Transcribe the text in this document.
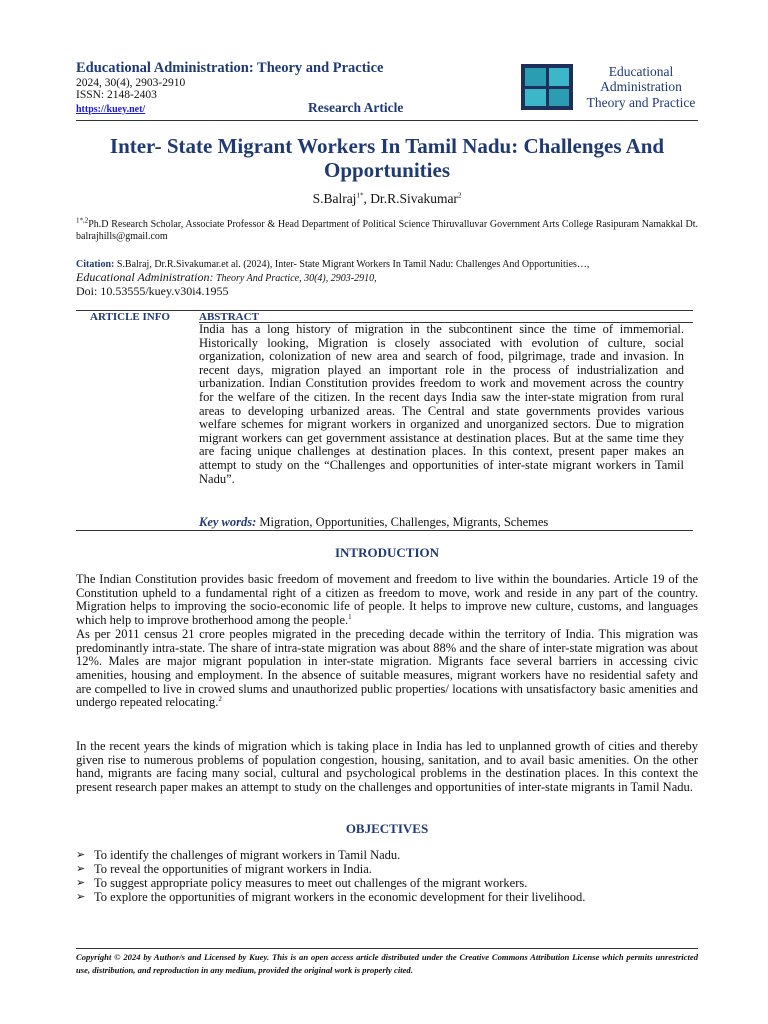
Educational Administration: Theory and Practice
2024, 30(4), 2903-2910
ISSN: 2148-2403
https://kuey.net/	Research Article
Educational
Administration
Theory and Practice
Inter- State Migrant Workers In Tamil Nadu: Challenges And Opportunities
S.Balraj$^{1*}$, Dr.R.Sivakumar$^2$
$^{1*,2}$Ph.D Research Scholar, Associate Professor & Head Department of Political Science Thiruvalluvar Government Arts College Rasipuram Namakkal Dt. balrajhills@gmail.com
Citation: S.Balraj, Dr.R.Sivakumar.et al. (2024), Inter- State Migrant Workers In Tamil Nadu: Challenges And Opportunities…,
Educational Administration: Theory And Practice, 30(4), 2903-2910,
Doi: 10.53555/kuey.v30i4.1955
ARTICLE INFO	ABSTRACT
India has a long history of migration in the subcontinent since the time of immemorial. Historically looking, Migration is closely associated with evolution of culture, social organization, colonization of new area and search of food, pilgrimage, trade and invasion. In recent days, migration played an important role in the process of industrialization and urbanization. Indian Constitution provides freedom to work and movement across the country for the welfare of the citizen. In the recent days India saw the inter-state migration from rural areas to developing urbanized areas. The Central and state governments provides various welfare schemes for migrant workers in organized and unorganized sectors. Due to migration migrant workers can get government assistance at destination places. But at the same time they are facing unique challenges at destination places. In this context, present paper makes an attempt to study on the “Challenges and opportunities of inter-state migrant workers in Tamil Nadu”.
Key words: Migration, Opportunities, Challenges, Migrants, Schemes
INTRODUCTION
The Indian Constitution provides basic freedom of movement and freedom to live within the boundaries. Article 19 of the Constitution upheld to a fundamental right of a citizen as freedom to move, work and reside in any part of the country. Migration helps to improving the socio-economic life of people. It helps to improve new culture, customs, and languages which help to improve brotherhood among the people.$^1$
As per 2011 census 21 crore peoples migrated in the preceding decade within the territory of India. This migration was predominantly intra-state. The share of intra-state migration was about 88% and the share of inter-state migration was about 12%. Males are major migrant population in inter-state migration. Migrants face several barriers in accessing civic amenities, housing and employment. In the absence of suitable measures, migrant workers have no residential safety and are compelled to live in crowed slums and unauthorized public properties/ locations with unsatisfactory basic amenities and undergo repeated relocating.$^2$
In the recent years the kinds of migration which is taking place in India has led to unplanned growth of cities and thereby given rise to numerous problems of population congestion, housing, sanitation, and to avail basic amenities. On the other hand, migrants are facing many social, cultural and psychological problems in the destination places. In this context the present research paper makes an attempt to study on the challenges and opportunities of inter-state migrants in Tamil Nadu.
OBJECTIVES
➢ To identify the challenges of migrant workers in Tamil Nadu.
➢ To reveal the opportunities of migrant workers in India.
➢ To suggest appropriate policy measures to meet out challenges of the migrant workers.
➢ To explore the opportunities of migrant workers in the economic development for their livelihood.
Copyright © 2024 by Author/s and Licensed by Kuey. This is an open access article distributed under the Creative Commons Attribution License which permits unrestricted use, distribution, and reproduction in any medium, provided the original work is properly cited.
